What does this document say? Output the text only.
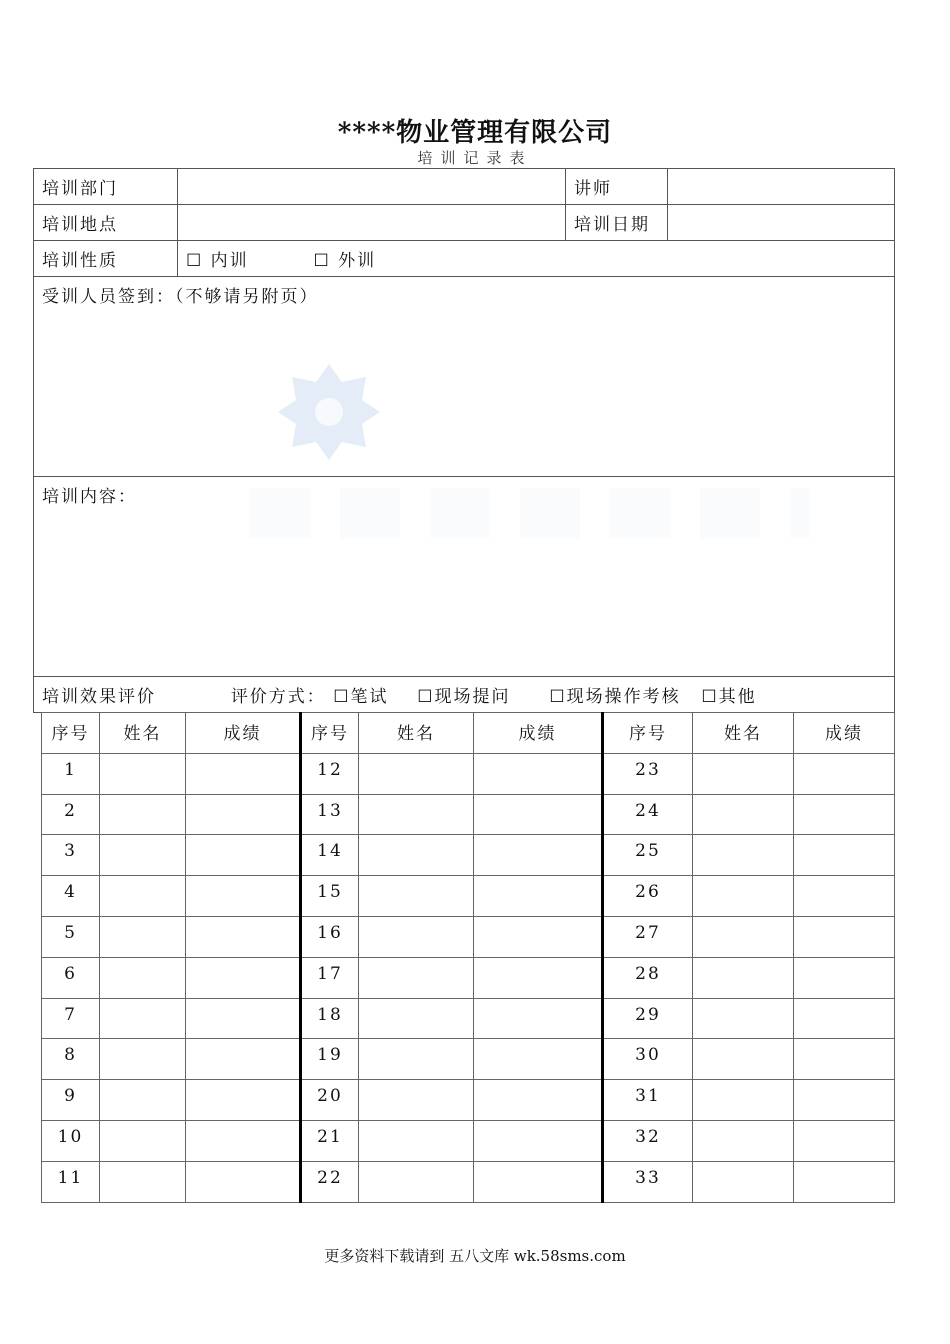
****物业管理有限公司
培训记录表
培训部门		讲师	
培训地点		培训日期	
培训性质	☐ 内训 ☐ 外训		
受训人员签到：（不够请另附页）			
培训内容：			
培训效果评价 评价方式： ☐笔试 ☐现场提问 ☐现场操作考核 ☐其他			
序号	姓名	成绩	序号	姓名	成绩	序号	姓名	成绩
1			12			23		
2			13			24		
3			14			25		
4			15			26		
5			16			27		
6			17			28		
7			18			29		
8			19			30		
9			20			31		
10			21			32		
11			22			33		
更多资料下载请到 五八文库 wk.58sms.com
